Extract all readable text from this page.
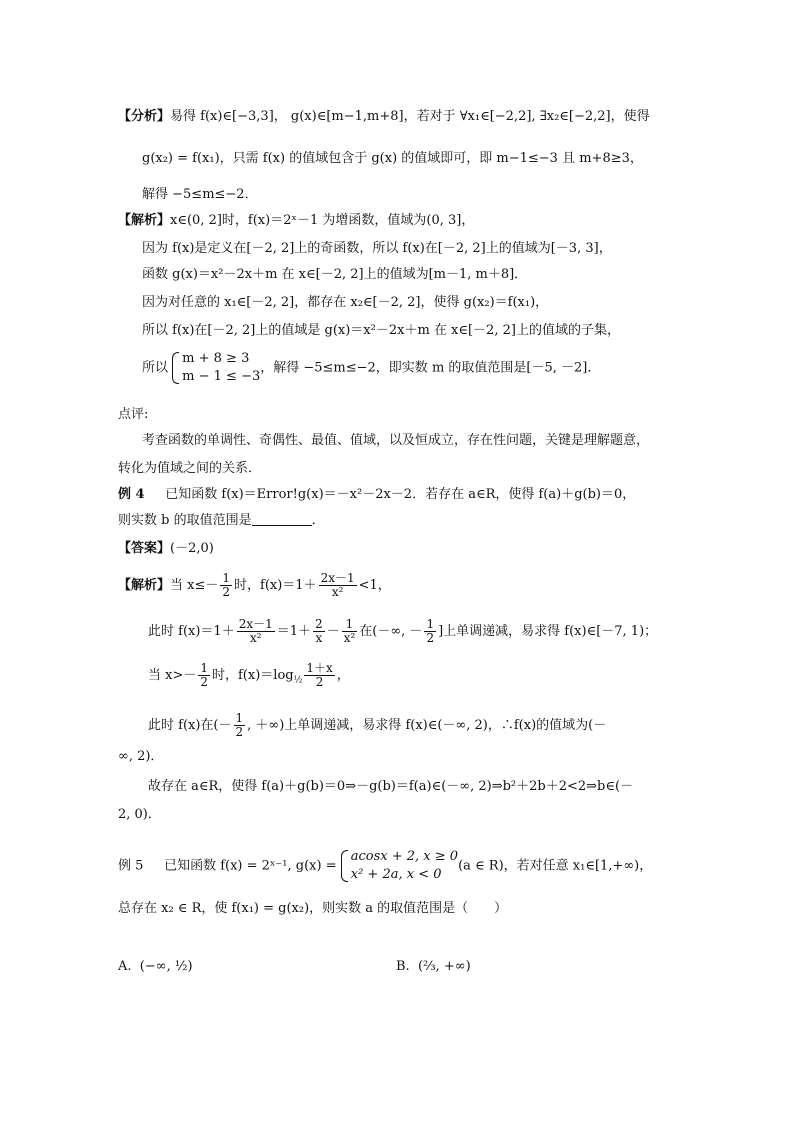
【分析】易得 f(x)∈[−3,3]， g(x)∈[m−1,m+8]，若对于 ∀x₁∈[−2,2], ∃x₂∈[−2,2]，使得
g(x₂) = f(x₁)，只需 f(x) 的值域包含于 g(x) 的值域即可，即 m−1≤−3 且 m+8≥3，
解得 −5≤m≤−2．
【解析】x∈(0, 2]时，f(x)＝2ˣ－1 为增函数，值域为(0, 3]，
因为 f(x)是定义在[－2, 2]上的奇函数，所以 f(x)在[－2, 2]上的值域为[－3, 3]，
函数 g(x)＝x²－2x＋m 在 x∈[－2, 2]上的值域为[m－1, m＋8]．
因为对任意的 x₁∈[－2, 2]，都存在 x₂∈[－2, 2]，使得 g(x₂)＝f(x₁)，
所以 f(x)在[－2, 2]上的值域是 g(x)＝x²－2x＋m 在 x∈[－2, 2]上的值域的子集，
所以
m + 8 ≥ 3
m − 1 ≤ −3
，解得 −5≤m≤−2，即实数 m 的取值范围是[－5, －2]．
点评:
考查函数的单调性、奇偶性、最值、值域，以及恒成立，存在性问题，关键是理解题意，
转化为值域之间的关系．
例 4 已知函数 f(x)＝Error!g(x)＝－x²－2x－2．若存在 a∈R，使得 f(a)＋g(b)＝0，
则实数 b 的取值范围是	．
【答案】(－2,0)
【解析】当 $x\le- \frac{1}{2}$ 时，$f(x)=1+ \frac{2x-1}{\text{x²}} <1$，
此时 $f(x)=1+ \frac{2x-1}{\text{x²}} =1+ \frac{2}{x} - \frac{1}{\text{x²}}$ 在(－∞, － $\frac{1}{2}$ ]上单调递减，易求得 f(x)∈[－7, 1)；
当 $x>- \frac{1}{2}$ 时，$f(x)=\log_{\frac{1}{2}} \frac{1+x}{2}$ ，
此时 f(x)在(－ $\frac{1}{2}$ , ＋∞)上单调递减，易求得 f(x)∈(－∞, 2)，∴f(x)的值域为(－
∞, 2)．
故存在 a∈R，使得 f(a)＋g(b)＝0⇒－g(b)＝f(a)∈(－∞, 2)⇒b²＋2b＋2<2⇒b∈(－
2, 0)．
例 5 已知函数 f(x) = 2ˣ⁻¹, g(x) =
acosx + 2, x ≥ 0
x² + 2a, x < 0
(a ∈ R)，若对任意 x₁∈[1,+∞)，
总存在 x₂ ∈ R，使 f(x₁) = g(x₂)，则实数 a 的取值范围是（　　）
A. (−∞, ½)	B. (⅔, +∞)
